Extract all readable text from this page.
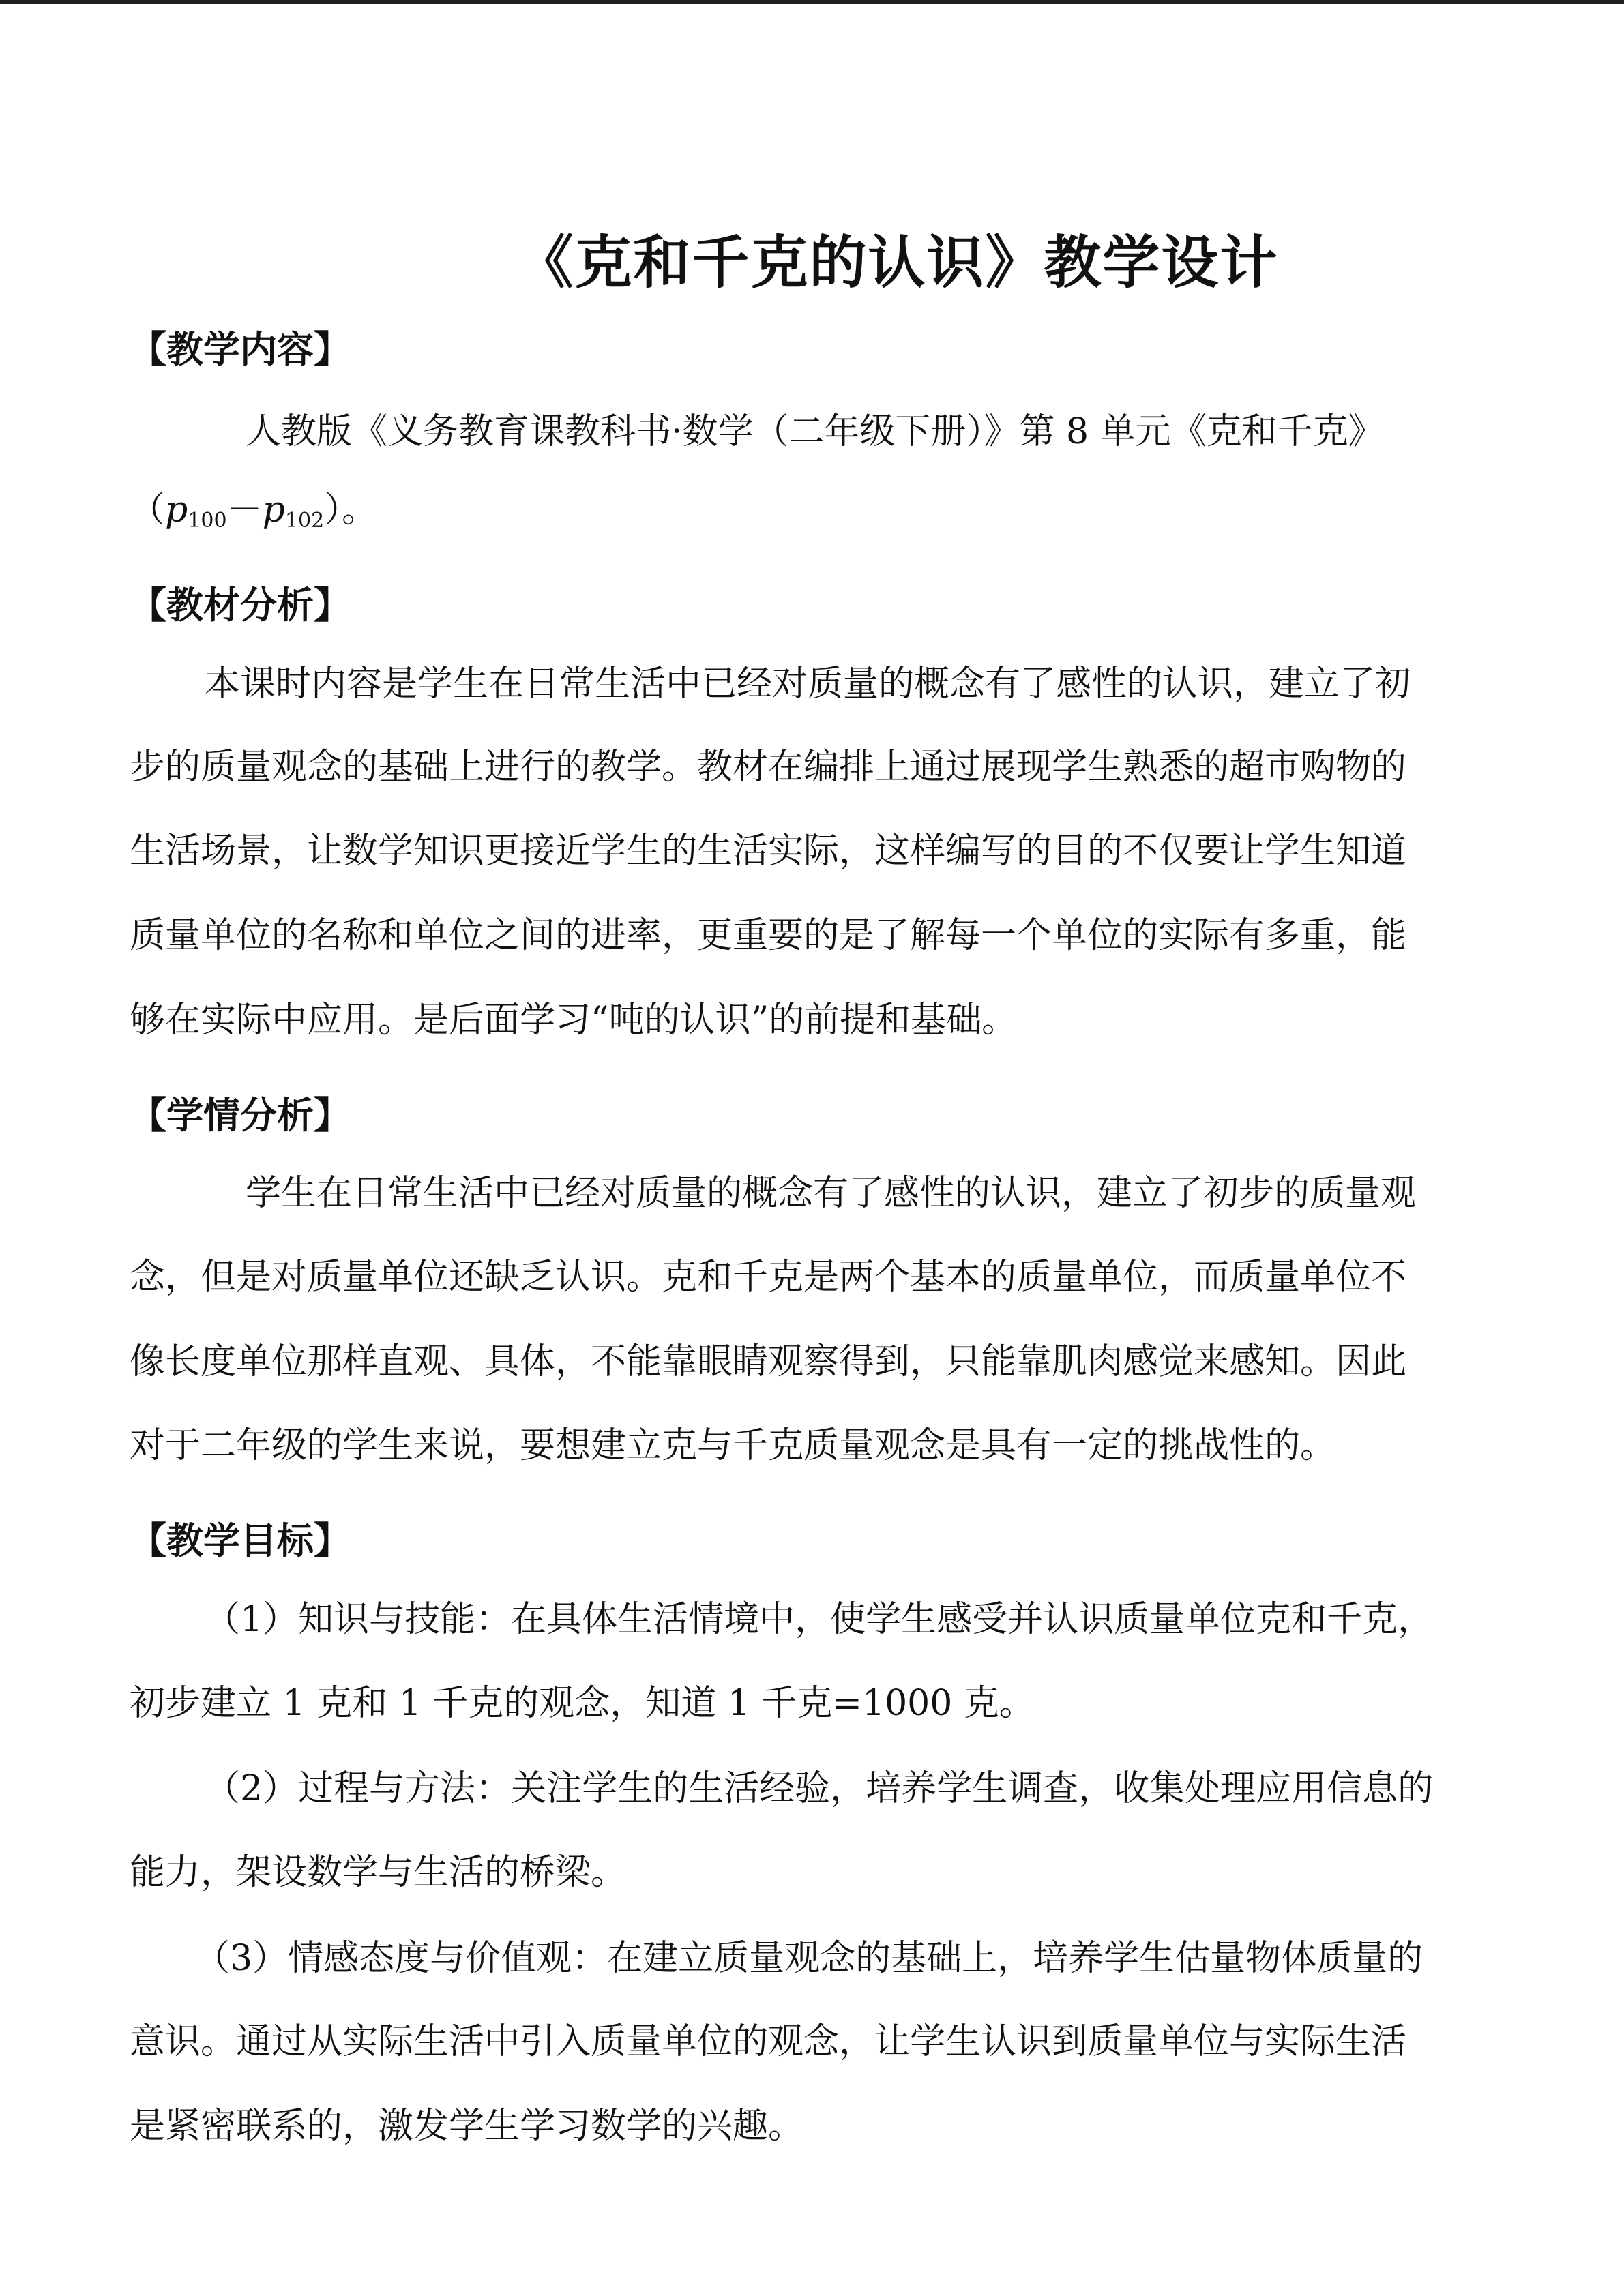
《克和千克的认识》教学设计
【教学内容】
人教版《义务教育课教科书·数学（二年级下册）》第 8 单元《克和千克》
$(p_{100}-p_{102})$。
【教材分析】
本课时内容是学生在日常生活中已经对质量的概念有了感性的认识，建立了初
步的质量观念的基础上进行的教学。教材在编排上通过展现学生熟悉的超市购物的
生活场景，让数学知识更接近学生的生活实际，这样编写的目的不仅要让学生知道
质量单位的名称和单位之间的进率，更重要的是了解每一个单位的实际有多重，能
够在实际中应用。是后面学习“吨的认识”的前提和基础。
【学情分析】
学生在日常生活中已经对质量的概念有了感性的认识，建立了初步的质量观
念，但是对质量单位还缺乏认识。克和千克是两个基本的质量单位，而质量单位不
像长度单位那样直观、具体，不能靠眼睛观察得到，只能靠肌肉感觉来感知。因此
对于二年级的学生来说，要想建立克与千克质量观念是具有一定的挑战性的。
【教学目标】
（1）知识与技能：在具体生活情境中，使学生感受并认识质量单位克和千克，
初步建立 1 克和 1 千克的观念，知道 1 千克=1000 克。
（2）过程与方法：关注学生的生活经验，培养学生调查，收集处理应用信息的
能力，架设数学与生活的桥梁。
（3）情感态度与价值观：在建立质量观念的基础上，培养学生估量物体质量的
意识。通过从实际生活中引入质量单位的观念，让学生认识到质量单位与实际生活
是紧密联系的，激发学生学习数学的兴趣。
